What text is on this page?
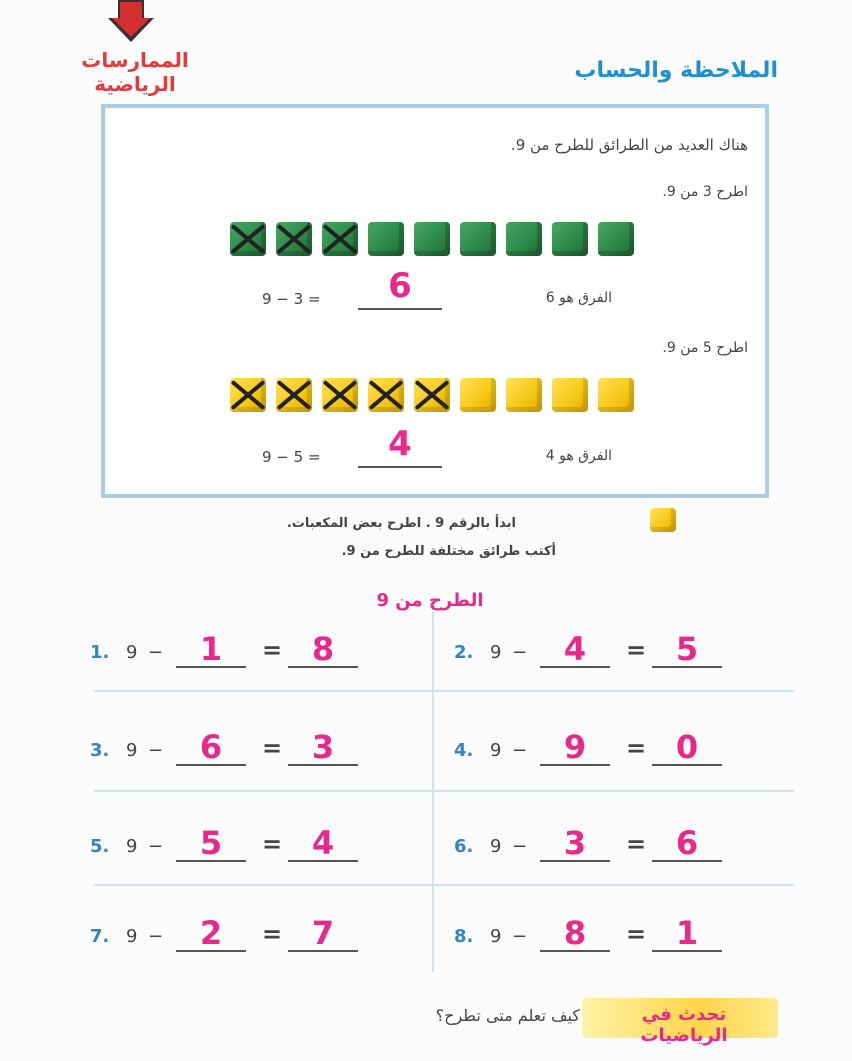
الممارسات الرياضية
الملاحظة والحساب
هناك العديد من الطرائق للطرح من 9.
اطرح 3 من 9.
الفرق هو 6
9 − 3 =	6
اطرح 5 من 9.
الفرق هو 4
9 − 5 =	4
ابدأ بالرقم 9 . اطرح بعض المكعبات.
أكتب طرائق مختلفة للطرح من 9.
الطرح من 9
1. 9 −	1	= 8	2. 9 −	4	= 5
3. 9 −	6	= 3	4. 9 −	9	= 0
5. 9 −	5	= 4	6. 9 −	3	= 6
7. 9 −	2	= 7	8. 9 −	8	= 1
تحدث في الرياضيات
كيف تعلم متى تطرح؟
